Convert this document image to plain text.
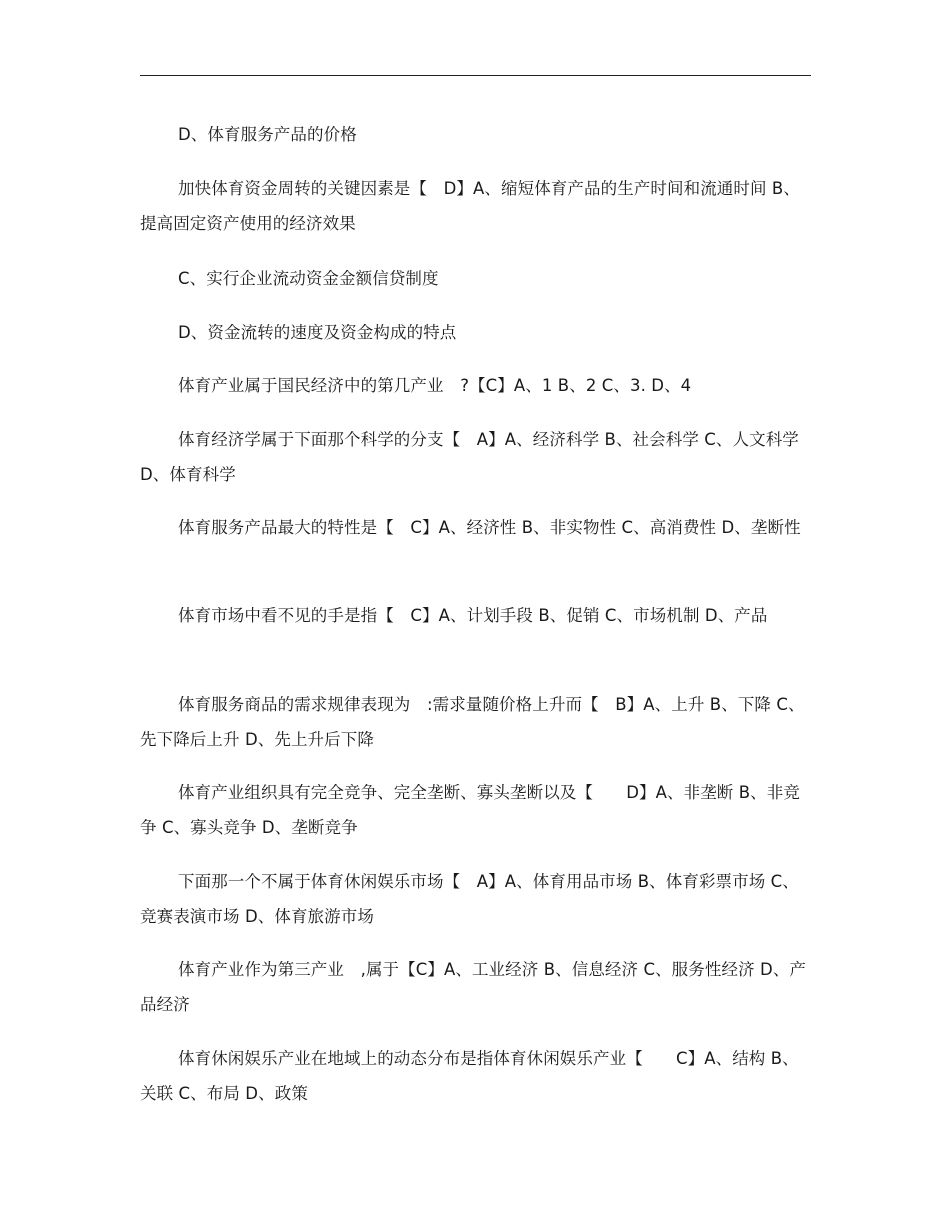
D、体育服务产品的价格

加快体育资金周转的关键因素是【　D】A、缩短体育产品的生产时间和流通时间 B、提高固定资产使用的经济效果

C、实行企业流动资金金额信贷制度

D、资金流转的速度及资金构成的特点

体育产业属于国民经济中的第几产业　?【C】A、1 B、2 C、3. D、4

体育经济学属于下面那个科学的分支【　A】A、经济科学 B、社会科学 C、人文科学 D、体育科学

体育服务产品最大的特性是【　C】A、经济性 B、非实物性 C、高消费性 D、垄断性

体育市场中看不见的手是指【　C】A、计划手段 B、促销 C、市场机制 D、产品

体育服务商品的需求规律表现为　:需求量随价格上升而【　B】A、上升 B、下降 C、先下降后上升 D、先上升后下降

体育产业组织具有完全竞争、完全垄断、寡头垄断以及【　　D】A、非垄断 B、非竞争 C、寡头竞争 D、垄断竞争

下面那一个不属于体育休闲娱乐市场【　A】A、体育用品市场 B、体育彩票市场 C、竞赛表演市场 D、体育旅游市场

体育产业作为第三产业　,属于【C】A、工业经济 B、信息经济 C、服务性经济 D、产品经济

体育休闲娱乐产业在地域上的动态分布是指体育休闲娱乐产业【　　C】A、结构 B、关联 C、布局 D、政策
